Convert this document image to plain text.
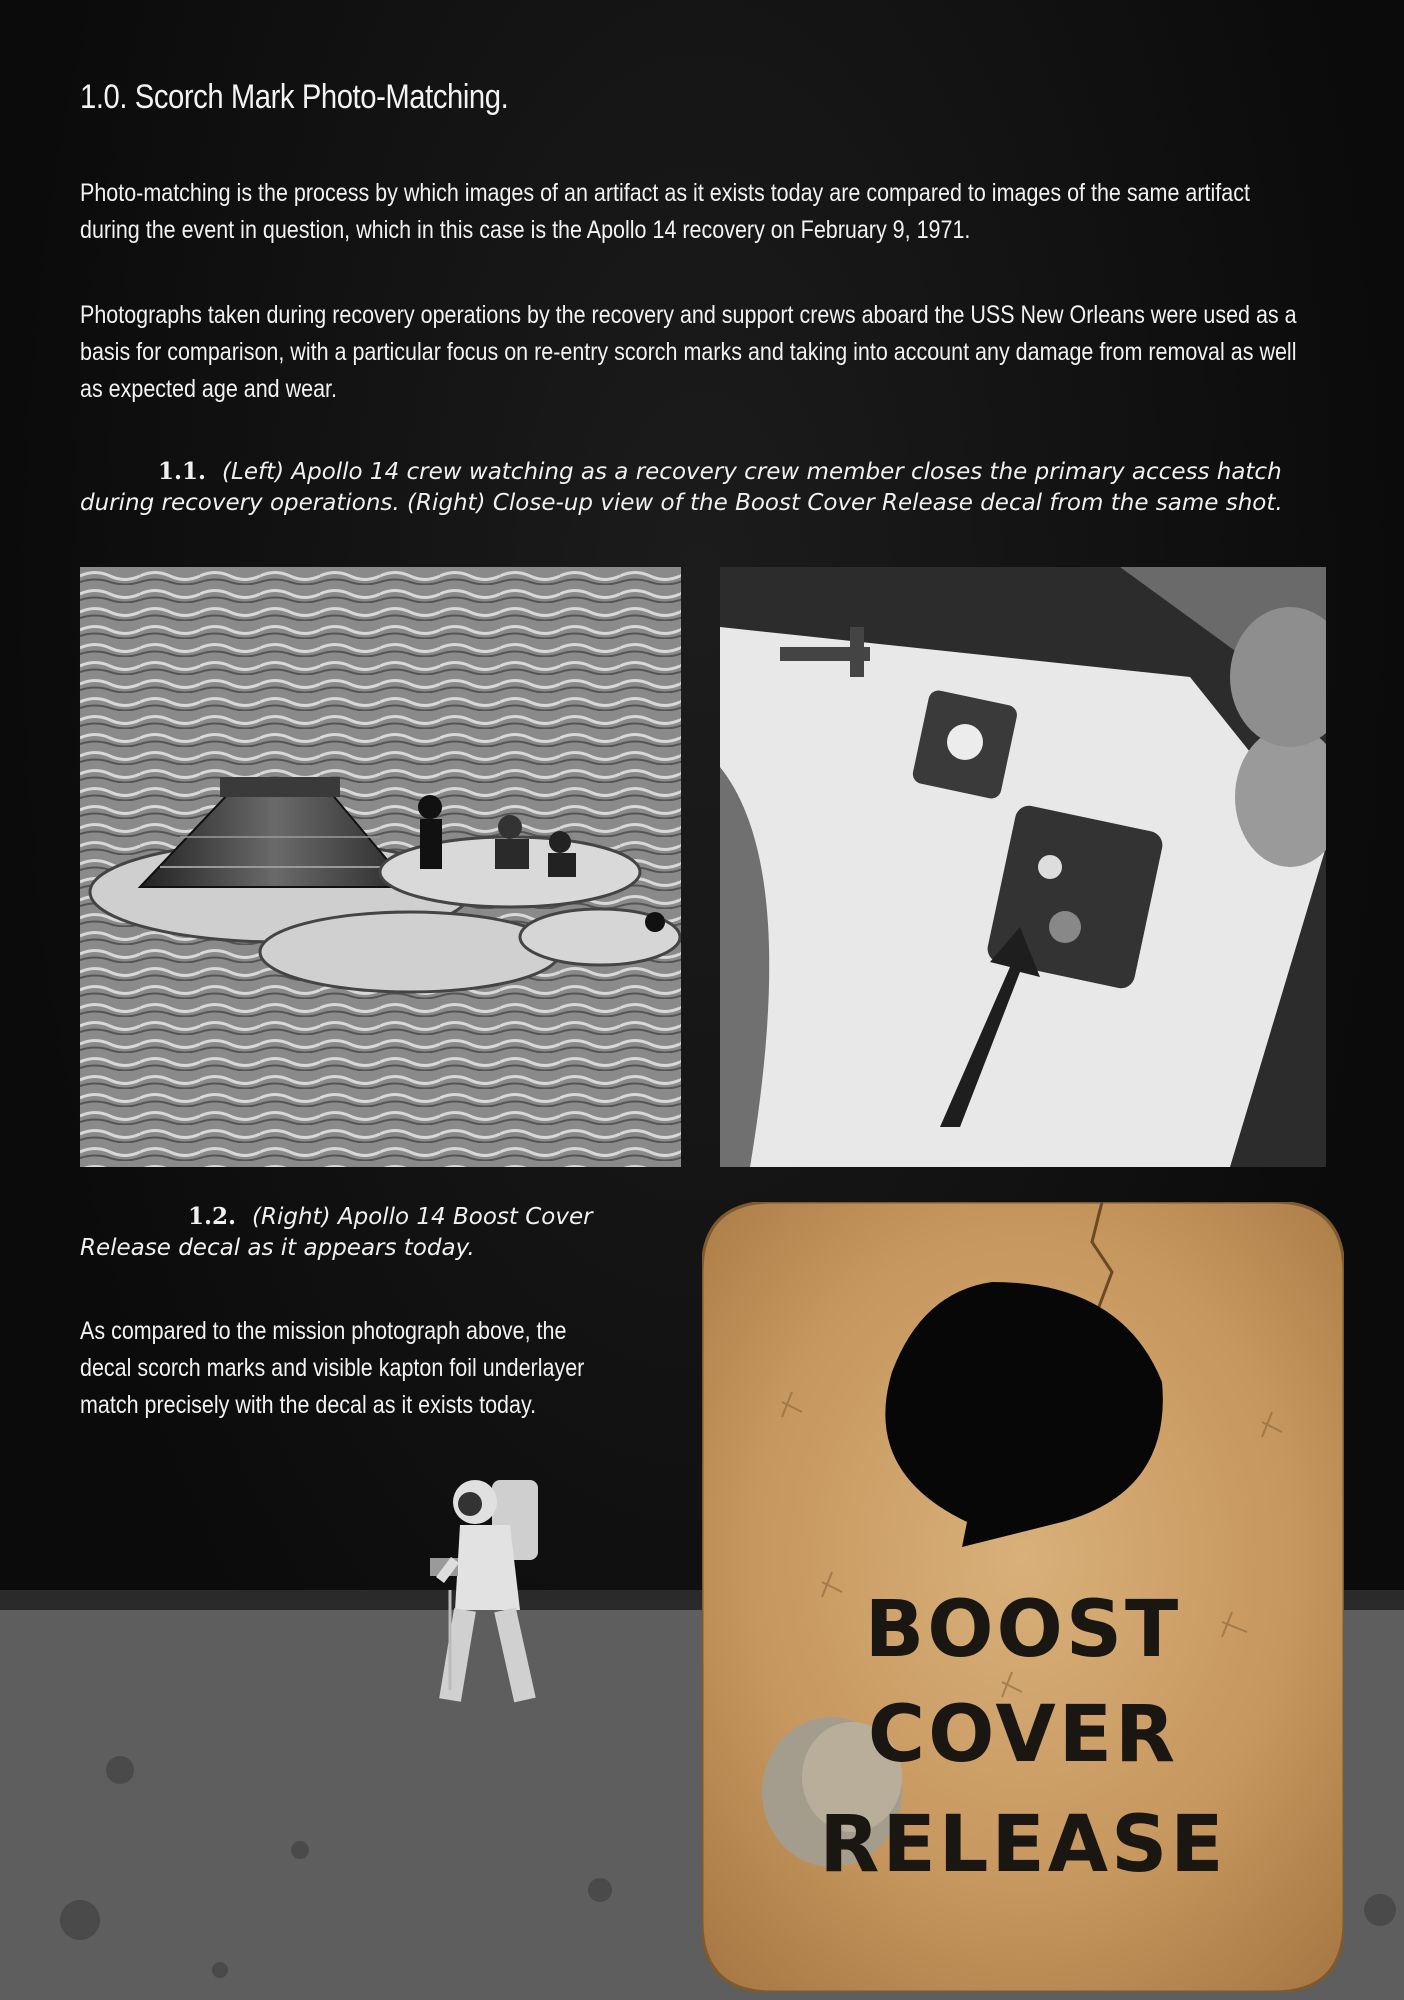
1.0. Scorch Mark Photo-Matching.
Photo-matching is the process by which images of an artifact as it exists today are compared to images of the same artifact during the event in question, which in this case is the Apollo 14 recovery on February 9, 1971.
Photographs taken during recovery operations by the recovery and support crews aboard the USS New Orleans were used as a basis for comparison, with a particular focus on re-entry scorch marks and taking into account any damage from removal as well as expected age and wear.
1.1. (Left) Apollo 14 crew watching as a recovery crew member closes the primary access hatch during recovery operations. (Right) Close-up view of the Boost Cover Release decal from the same shot.
1.2. (Right) Apollo 14 Boost Cover Release decal as it appears today.
As compared to the mission photograph above, the decal scorch marks and visible kapton foil underlayer match precisely with the decal as it exists today.
BOOST
COVER
RELEASE
